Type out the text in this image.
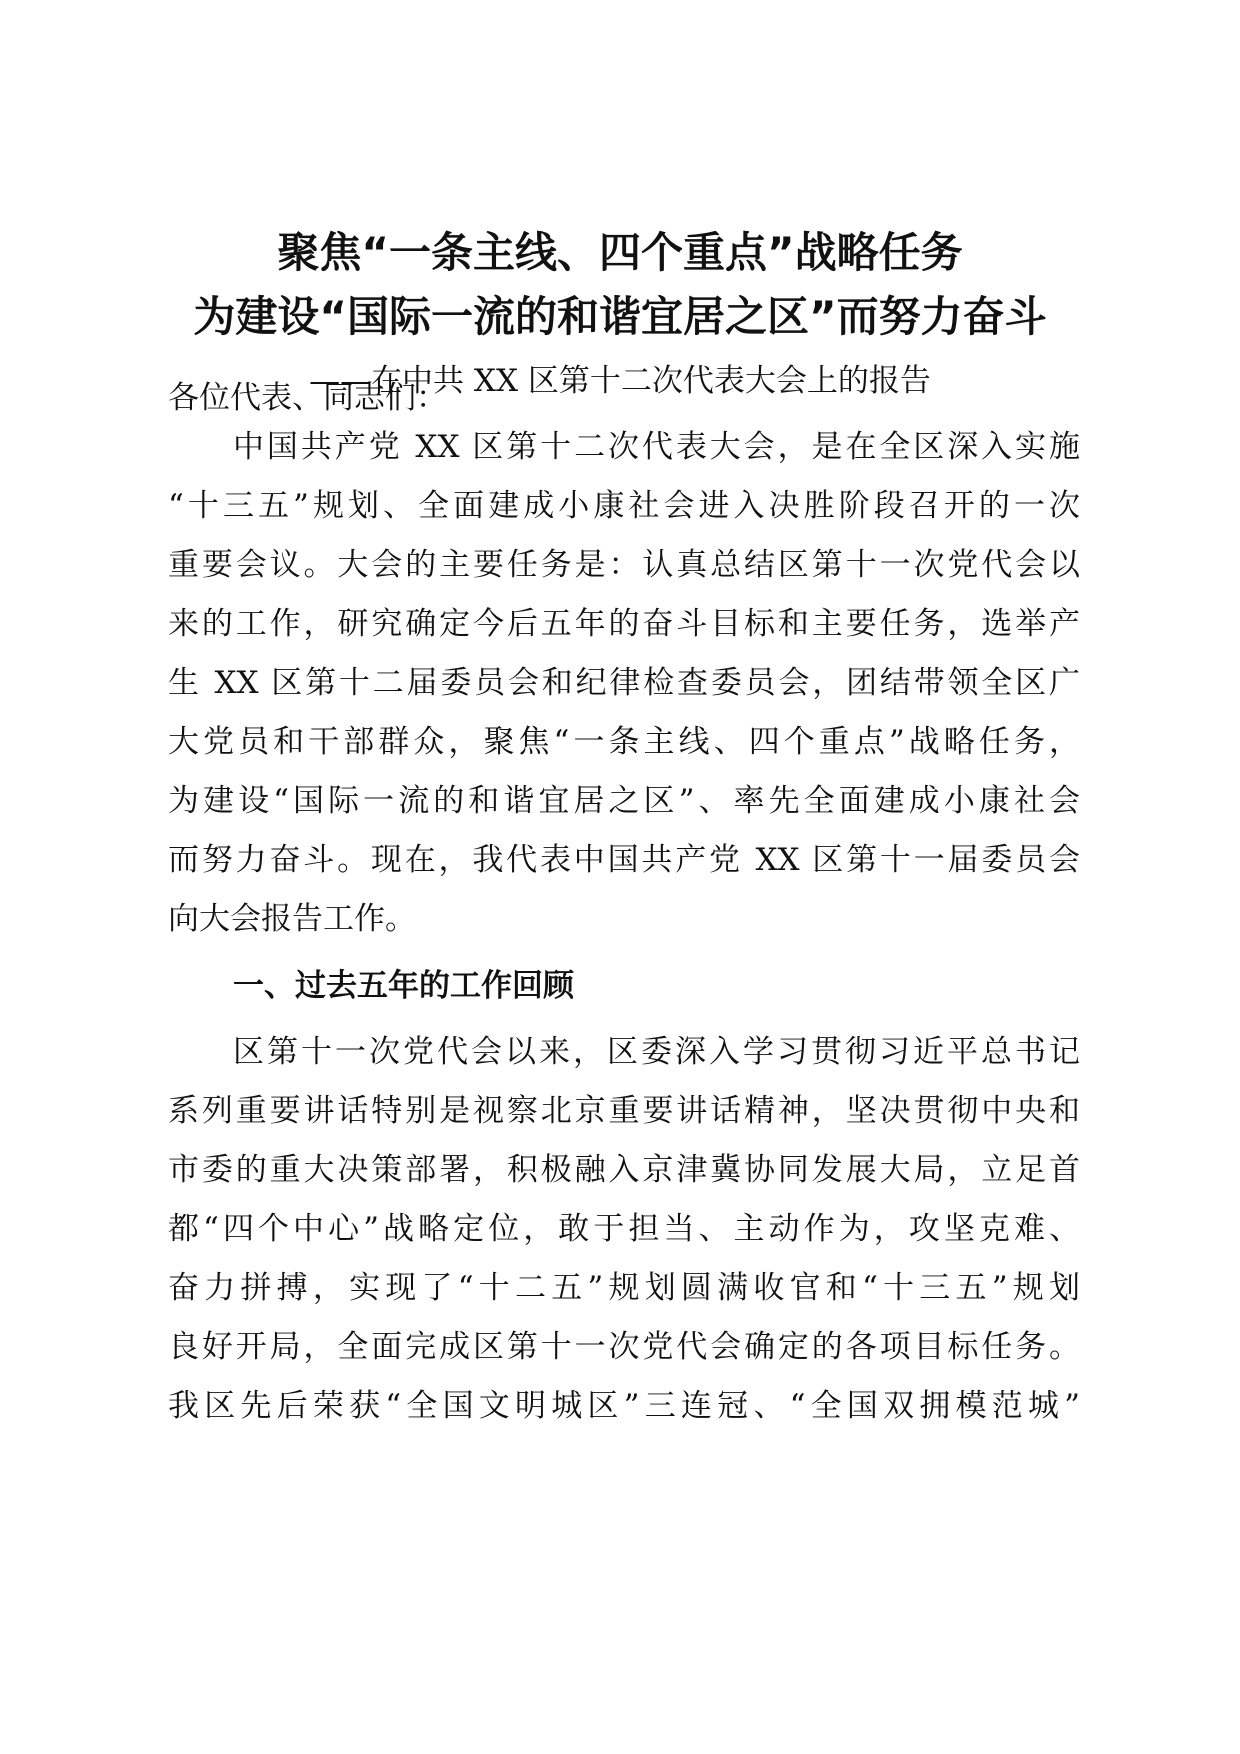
聚焦“一条主线、四个重点”战略任务
为建设“国际一流的和谐宜居之区”而努力奋斗
——在中共 XX 区第十二次代表大会上的报告
各位代表、同志们：
中国共产党 XX 区第十二次代表大会，是在全区深入实施
“十三五”规划、全面建成小康社会进入决胜阶段召开的一次
重要会议。大会的主要任务是：认真总结区第十一次党代会以
来的工作，研究确定今后五年的奋斗目标和主要任务，选举产
生 XX 区第十二届委员会和纪律检查委员会，团结带领全区广
大党员和干部群众，聚焦“一条主线、四个重点”战略任务，
为建设“国际一流的和谐宜居之区”、率先全面建成小康社会
而努力奋斗。现在，我代表中国共产党 XX 区第十一届委员会
向大会报告工作。
一、过去五年的工作回顾
区第十一次党代会以来，区委深入学习贯彻习近平总书记
系列重要讲话特别是视察北京重要讲话精神，坚决贯彻中央和
市委的重大决策部署，积极融入京津冀协同发展大局，立足首
都“四个中心”战略定位，敢于担当、主动作为，攻坚克难、
奋力拼搏，实现了“十二五”规划圆满收官和“十三五”规划
良好开局，全面完成区第十一次党代会确定的各项目标任务。
我区先后荣获“全国文明城区”三连冠、“全国双拥模范城”
